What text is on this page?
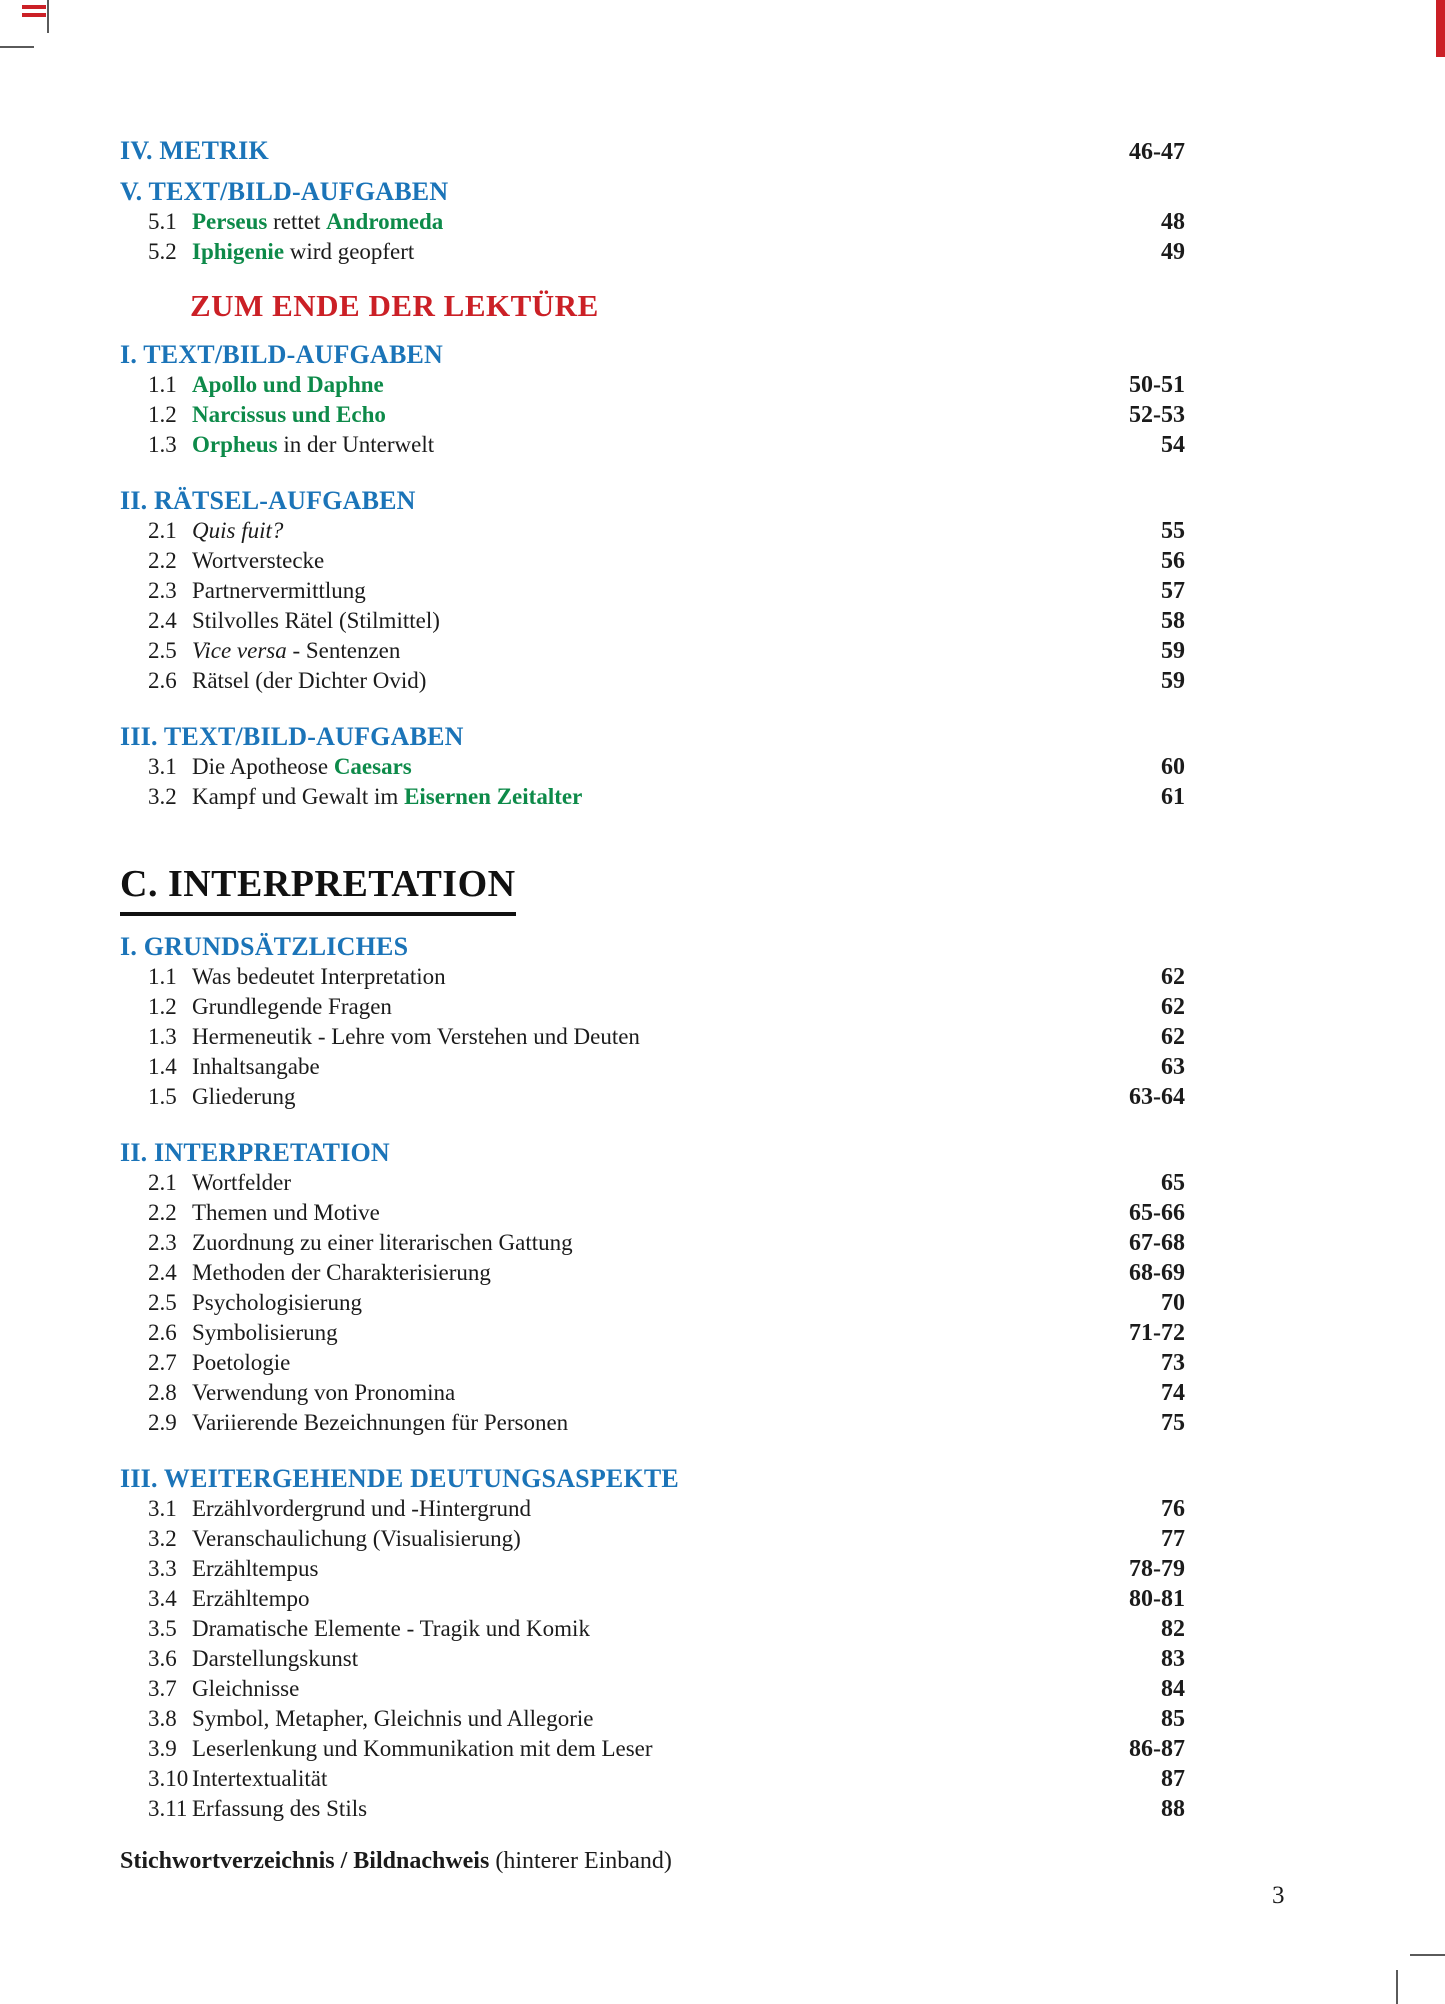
IV. METRIK	46-47
V. TEXT/BILD-AUFGABEN
5.1 Perseus rettet Andromeda	48
5.2 Iphigenie wird geopfert	49
ZUM ENDE DER LEKTÜRE
I. TEXT/BILD-AUFGABEN
1.1 Apollo und Daphne	50-51
1.2 Narcissus und Echo	52-53
1.3 Orpheus in der Unterwelt	54
II. RÄTSEL-AUFGABEN
2.1 Quis fuit?	55
2.2 Wortverstecke	56
2.3 Partnervermittlung	57
2.4 Stilvolles Rätel (Stilmittel)	58
2.5 Vice versa - Sentenzen	59
2.6 Rätsel (der Dichter Ovid)	59
III. TEXT/BILD-AUFGABEN
3.1 Die Apotheose Caesars	60
3.2 Kampf und Gewalt im Eisernen Zeitalter	61
C. INTERPRETATION
I. GRUNDSÄTZLICHES
1.1 Was bedeutet Interpretation	62
1.2 Grundlegende Fragen	62
1.3 Hermeneutik - Lehre vom Verstehen und Deuten	62
1.4 Inhaltsangabe	63
1.5 Gliederung	63-64
II. INTERPRETATION
2.1 Wortfelder	65
2.2 Themen und Motive	65-66
2.3 Zuordnung zu einer literarischen Gattung	67-68
2.4 Methoden der Charakterisierung	68-69
2.5 Psychologisierung	70
2.6 Symbolisierung	71-72
2.7 Poetologie	73
2.8 Verwendung von Pronomina	74
2.9 Variierende Bezeichnungen für Personen	75
III. WEITERGEHENDE DEUTUNGSASPEKTE
3.1 Erzählvordergrund und -Hintergrund	76
3.2 Veranschaulichung (Visualisierung)	77
3.3 Erzähltempus	78-79
3.4 Erzähltempo	80-81
3.5 Dramatische Elemente - Tragik und Komik	82
3.6 Darstellungskunst	83
3.7 Gleichnisse	84
3.8 Symbol, Metapher, Gleichnis und Allegorie	85
3.9 Leserlenkung und Kommunikation mit dem Leser	86-87
3.10 Intertextualität	87
3.11 Erfassung des Stils	88
Stichwortverzeichnis / Bildnachweis (hinterer Einband)
3
